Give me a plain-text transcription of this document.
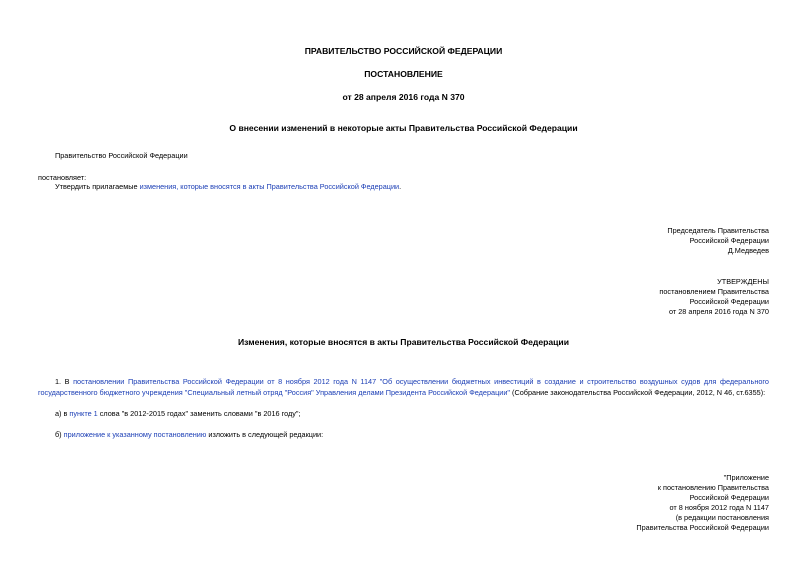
ПРАВИТЕЛЬСТВО РОССИЙСКОЙ ФЕДЕРАЦИИ
ПОСТАНОВЛЕНИЕ
от 28 апреля 2016 года N 370
О внесении изменений в некоторые акты Правительства Российской Федерации
Правительство Российской Федерации
постановляет:
Утвердить прилагаемые изменения, которые вносятся в акты Правительства Российской Федерации.
Председатель Правительства
Российской Федерации
Д.Медведев
УТВЕРЖДЕНЫ
постановлением Правительства
Российской Федерации
от 28 апреля 2016 года N 370
Изменения, которые вносятся в акты Правительства Российской Федерации
1. В постановлении Правительства Российской Федерации от 8 ноября 2012 года N 1147 "Об осуществлении бюджетных инвестиций в создание и строительство воздушных судов для федерального государственного бюджетного учреждения "Специальный летный отряд "Россия" Управления делами Президента Российской Федерации" (Собрание законодательства Российской Федерации, 2012, N 46, ст.6355):
а) в пункте 1 слова "в 2012-2015 годах" заменить словами "в 2016 году";
б) приложение к указанному постановлению изложить в следующей редакции:
"Приложение
к постановлению Правительства
Российской Федерации
от 8 ноября 2012 года N 1147
(в редакции постановления
Правительства Российской Федерации
